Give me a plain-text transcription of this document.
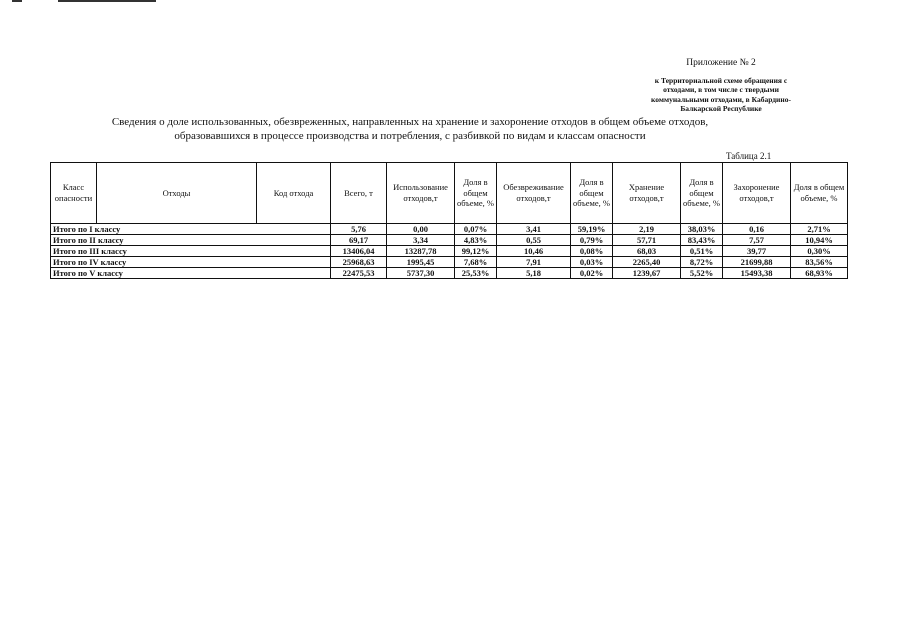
Приложение № 2
к Территориальной схеме обращения с
отходами, в том числе с твердыми
коммунальными отходами, в Кабардино-
Балкарской Республике
Сведения о доле использованных, обезвреженных, направленных на хранение и захоронение отходов в общем объеме отходов,
образовавшихся в процессе производства и потребления, с разбивкой по видам и классам опасности
Таблица 2.1
Класс опасности	Отходы	Код отхода	Всего, т	Использование отходов,т	Доля в общем объеме, %	Обезвреживание отходов,т	Доля в общем объеме, %	Хранение отходов,т	Доля в общем объеме, %	Захоронение отходов,т	Доля в общем объеме, %
Итого по I классу			5,76	0,00	0,07%	3,41	59,19%	2,19	38,03%	0,16	2,71%
Итого по II классу			69,17	3,34	4,83%	0,55	0,79%	57,71	83,43%	7,57	10,94%
Итого по III классу			13406,04	13287,78	99,12%	10,46	0,08%	68,03	0,51%	39,77	0,30%
Итого по IV классу			25968,63	1995,45	7,68%	7,91	0,03%	2265,40	8,72%	21699,88	83,56%
Итого по V классу			22475,53	5737,30	25,53%	5,18	0,02%	1239,67	5,52%	15493,38	68,93%
